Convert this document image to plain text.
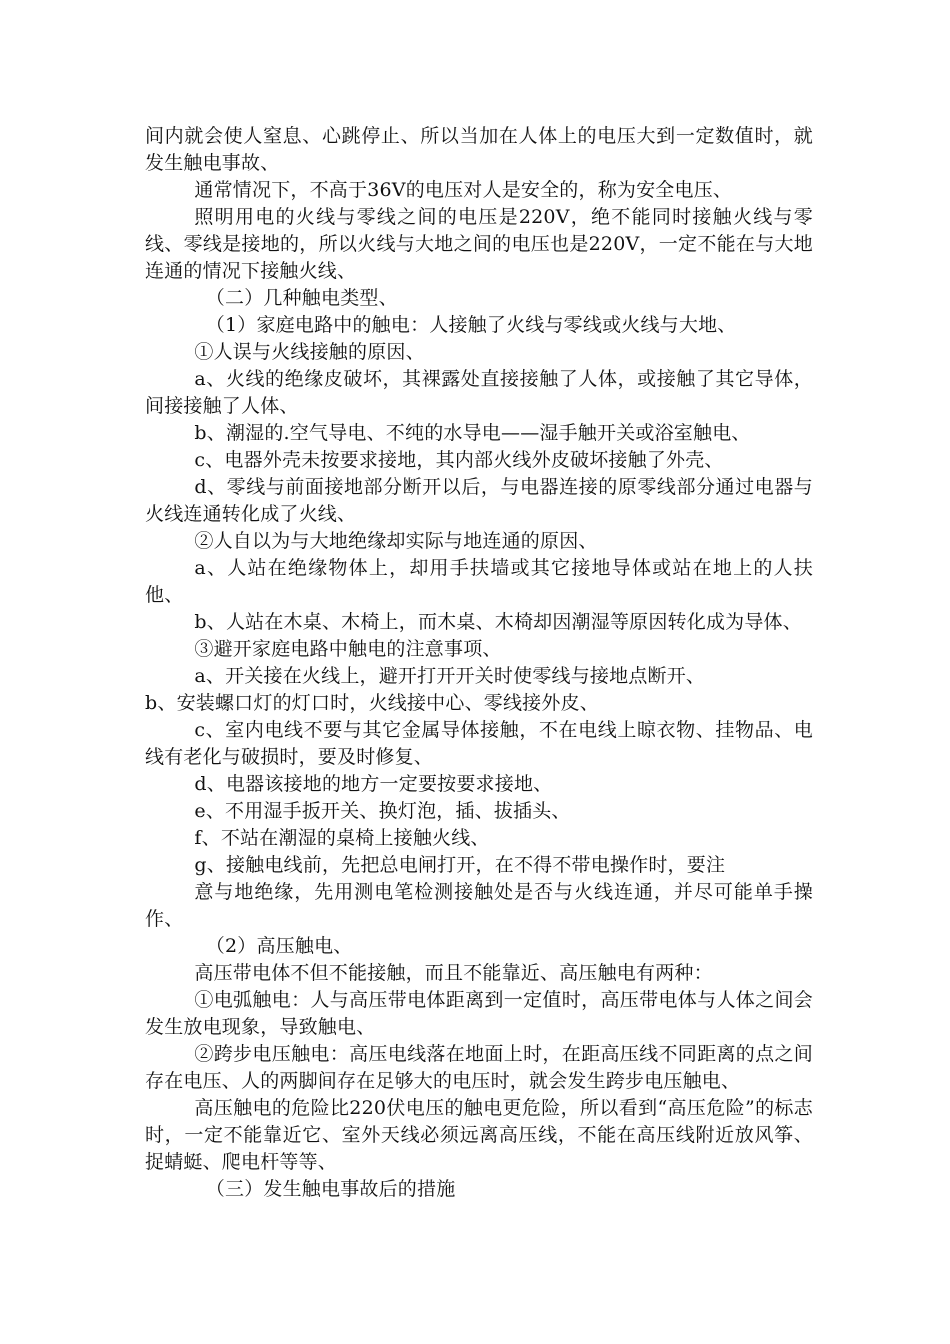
间内就会使人窒息、心跳停止、所以当加在人体上的电压大到一定数值时，就发生触电事故、

通常情况下，不高于36V的电压对人是安全的，称为安全电压、

照明用电的火线与零线之间的电压是220V，绝不能同时接触火线与零线、零线是接地的，所以火线与大地之间的电压也是220V，一定不能在与大地连通的情况下接触火线、

（二）几种触电类型、

（1）家庭电路中的触电：人接触了火线与零线或火线与大地、

①人误与火线接触的原因、

a、火线的绝缘皮破坏，其裸露处直接接触了人体，或接触了其它导体，间接接触了人体、

b、潮湿的.空气导电、不纯的水导电——湿手触开关或浴室触电、

c、电器外壳未按要求接地，其内部火线外皮破坏接触了外壳、

d、零线与前面接地部分断开以后，与电器连接的原零线部分通过电器与火线连通转化成了火线、

②人自以为与大地绝缘却实际与地连通的原因、

a、人站在绝缘物体上，却用手扶墙或其它接地导体或站在地上的人扶他、

b、人站在木桌、木椅上，而木桌、木椅却因潮湿等原因转化成为导体、

③避开家庭电路中触电的注意事项、

a、开关接在火线上，避开打开开关时使零线与接地点断开、

b、安装螺口灯的灯口时，火线接中心、零线接外皮、

c、室内电线不要与其它金属导体接触，不在电线上晾衣物、挂物品、电线有老化与破损时，要及时修复、

d、电器该接地的地方一定要按要求接地、

e、不用湿手扳开关、换灯泡，插、拔插头、

f、不站在潮湿的桌椅上接触火线、

g、接触电线前，先把总电闸打开，在不得不带电操作时，要注

意与地绝缘，先用测电笔检测接触处是否与火线连通，并尽可能单手操作、

（2）高压触电、

高压带电体不但不能接触，而且不能靠近、高压触电有两种：

①电弧触电：人与高压带电体距离到一定值时，高压带电体与人体之间会发生放电现象，导致触电、

②跨步电压触电：高压电线落在地面上时，在距高压线不同距离的点之间存在电压、人的两脚间存在足够大的电压时，就会发生跨步电压触电、

高压触电的危险比220伏电压的触电更危险，所以看到“高压危险”的标志时，一定不能靠近它、室外天线必须远离高压线，不能在高压线附近放风筝、捉蜻蜓、爬电杆等等、

（三）发生触电事故后的措施
